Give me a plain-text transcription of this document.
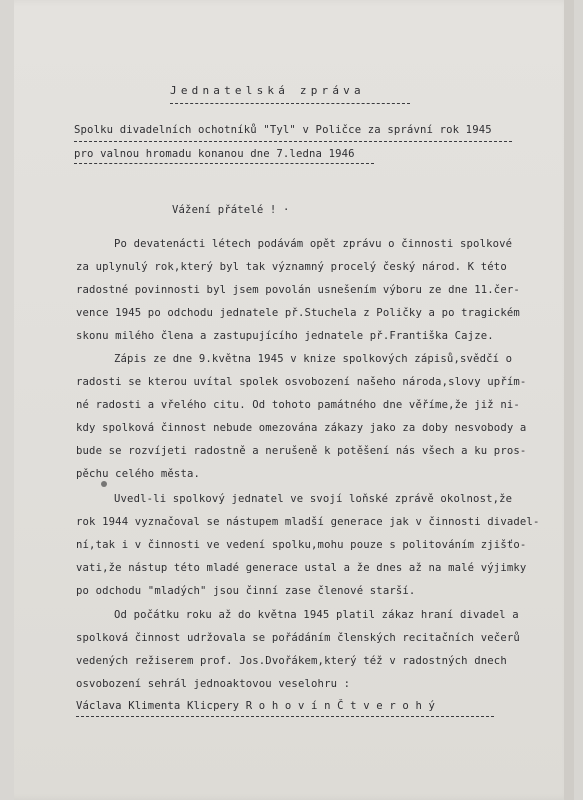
Jednatelská zpráva
Spolku divadelních ochotníků "Tyl" v Poličce za správní rok 1945
pro valnou hromadu konanou dne 7.ledna 1946
Vážení přátelé ! ·
Po devatenácti létech podávám opět zprávu o činnosti spolkové
za uplynulý rok,který byl tak významný procelý český národ. K této
radostné povinnosti byl jsem povolán usnešením výboru ze dne 11.čer-
vence 1945 po odchodu jednatele př.Stuchela z Poličky a po tragickém
skonu milého člena a zastupujícího jednatele př.Františka Cajze.
Zápis ze dne 9.května 1945 v knize spolkových zápisů,svědčí o
radosti se kterou uvítal spolek osvobození našeho národa,slovy upřím-
né radosti a vřelého citu. Od tohoto památného dne věříme,že již ni-
kdy spolková činnost nebude omezována zákazy jako za doby nesvobody a
bude se rozvíjeti radostně a nerušeně k potěšení nás všech a ku pros-
pěchu celého města.
Uvedl-li spolkový jednatel ve svojí loňské zprávě okolnost,že
rok 1944 vyznačoval se nástupem mladší generace jak v činnosti divadel-
ní,tak i v činnosti ve vedení spolku,mohu pouze s politováním zjišťo-
vati,že nástup této mladé generace ustal a že dnes až na malé výjimky
po odchodu "mladých" jsou činní zase členové starší.
Od počátku roku až do května 1945 platil zákaz hraní divadel a
spolková činnost udržovala se pořádáním členských recitačních večerů
vedených režiserem prof. Jos.Dvořákem,který též v radostných dnech
osvobození sehrál jednoaktovou veselohru :
Václava Klimenta Klicpery R o h o v í n Č t v e r o h ý
